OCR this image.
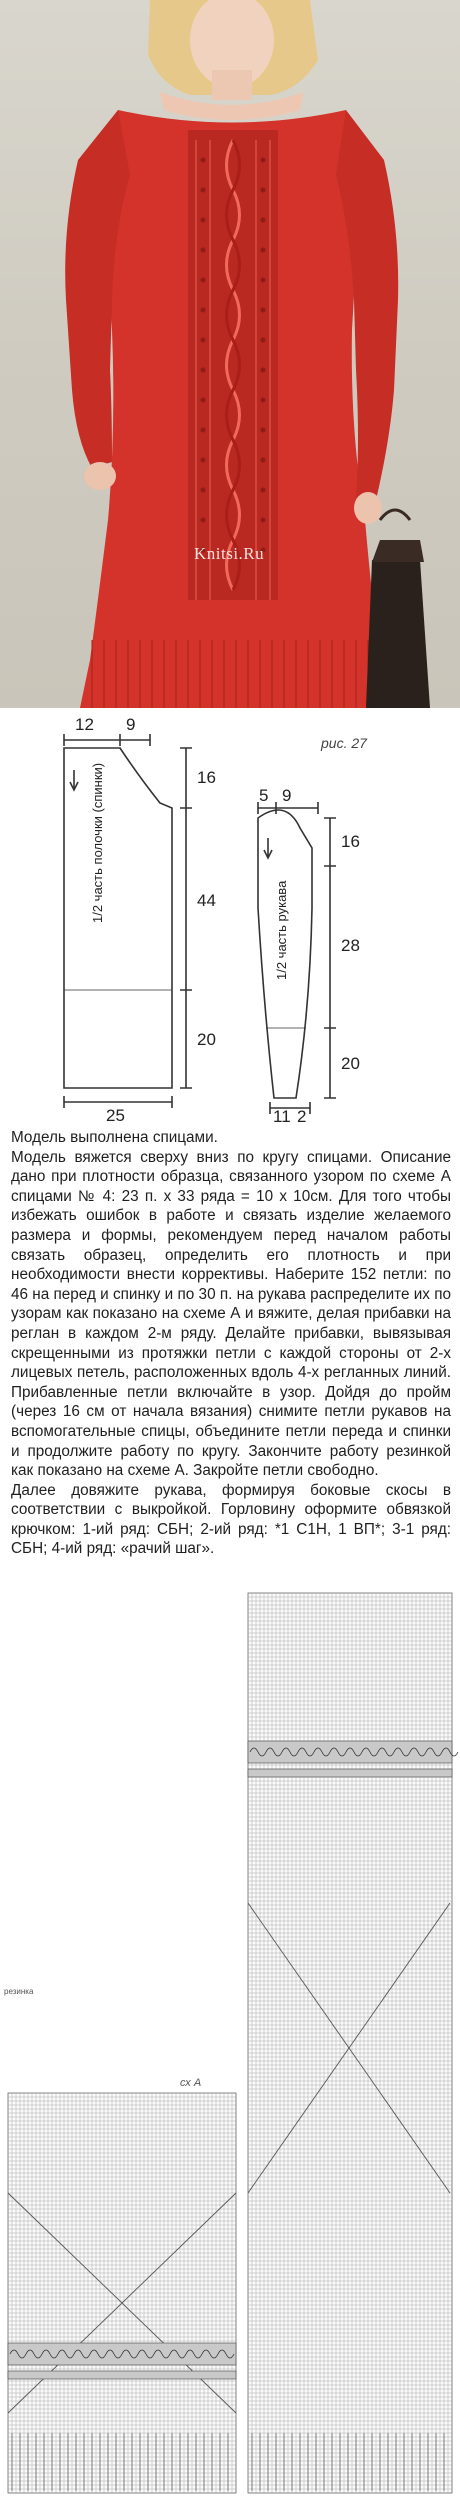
Knitsi.Ru
рис. 27
12 9
16
44
20
25
1/2 часть полочки (спинки)	5 9
16
28
20
11 2
1/2 часть рукава

Модель выполнена спицами.

Модель вяжется сверху вниз по кругу спицами. Описание дано при плотности образца, связанного узором по схеме А спицами № 4: 23 п. х 33 ряда = 10 х 10см. Для того чтобы избежать ошибок в работе и связать изделие желаемого размера и формы, рекомендуем перед началом работы связать образец, определить его плотность и при необходимости внести коррективы. Наберите 152 петли: по 46 на перед и спинку и по 30 п. на рукава распределите их по узорам как показано на схеме А и вяжите, делая прибавки на реглан в каждом 2-м ряду. Делайте прибавки, вывязывая скрещенными из протяжки петли с каждой стороны от 2-х лицевых петель, расположенных вдоль 4-х регланных линий. Прибавленные петли включайте в узор. Дойдя до пройм (через 16 см от начала вязания) снимите петли рукавов на вспомогательные спицы, объедините петли переда и спинки и продолжите работу по кругу. Закончите работу резинкой как показано на схеме А. Закройте петли свободно.

Далее довяжите рукава, формируя боковые скосы в соответствии с выкройкой. Горловину оформите обвязкой крючком: 1-ий ряд: СБН; 2-ий ряд: *1 С1Н, 1 ВП*; 3-1 ряд: СБН; 4-ий ряд: «рачий шаг».

сх А
резинка
